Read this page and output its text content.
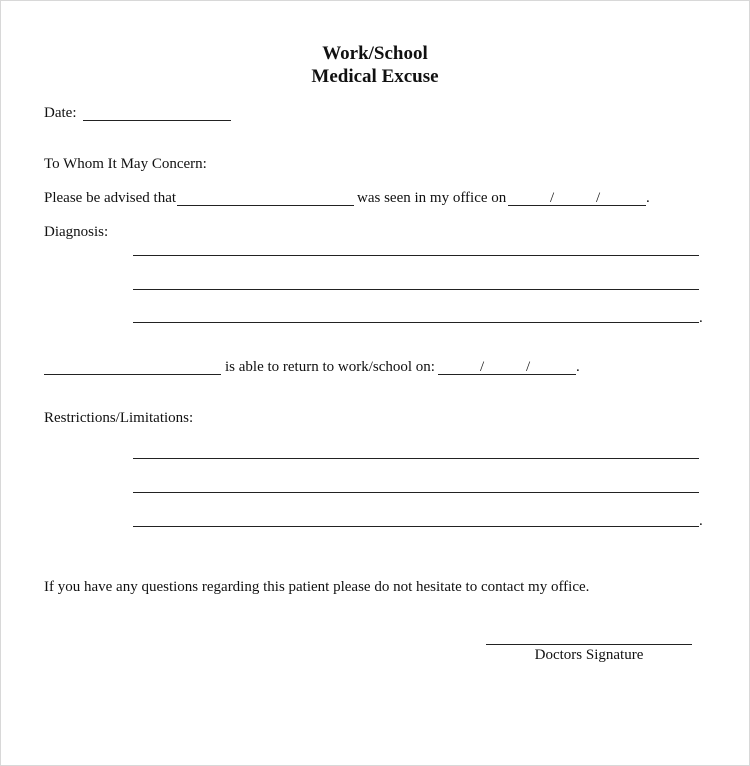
Work/School
Medical Excuse
Date:
To Whom It May Concern:
Please be advised that	was seen in my office on	/	/	.
Diagnosis:
.
is able to return to work/school on:	/	/	.
Restrictions/Limitations:
.
If you have any questions regarding this patient please do not hesitate to contact my office.
Doctors Signature
